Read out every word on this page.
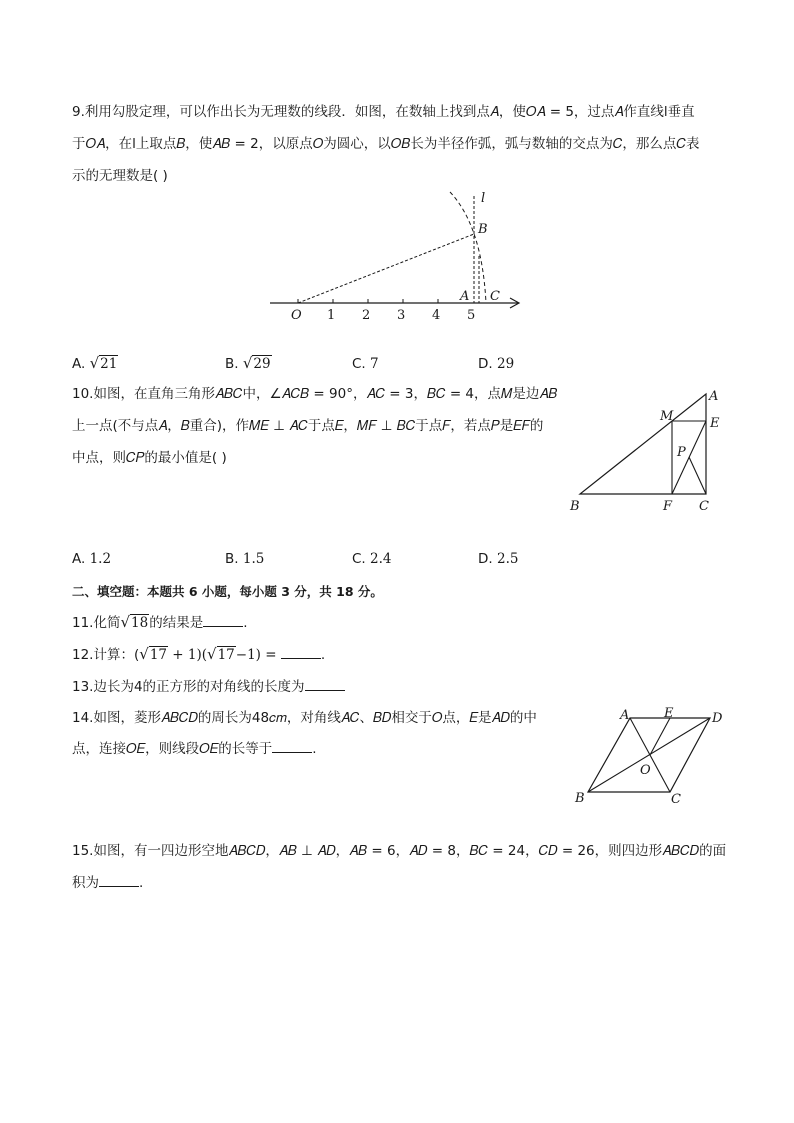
9.利用勾股定理，可以作出长为无理数的线段．如图，在数轴上找到点𝐴，使𝑂𝐴 = 5，过点𝐴作直线l垂直
于𝑂𝐴，在l上取点𝐵，使𝐴𝐵 = 2，以原点𝑂为圆心，以𝑂𝐵长为半径作弧，弧与数轴的交点为𝐶，那么点𝐶表
示的无理数是( )
l
B
A C
O 1 2 3 4 5
A. √21	B. √29	C. 7	D. 29
10.如图，在直角三角形𝐴𝐵𝐶中，∠𝐴𝐶𝐵 = 90°，𝐴𝐶 = 3，𝐵𝐶 = 4，点𝑀是边𝐴𝐵
上一点(不与点𝐴，𝐵重合)，作𝑀𝐸 ⊥ 𝐴𝐶于点𝐸，𝑀𝐹 ⊥ 𝐵𝐶于点𝐹，若点𝑃是𝐸𝐹的
中点，则𝐶𝑃的最小值是( )
A
M	E
P
B	F C
A. 1.2	B. 1.5	C. 2.4	D. 2.5
二、填空题：本题共 6 小题，每小题 3 分，共 18 分。
11.化简√18的结果是	.
12.计算：(√17 + 1)(√17−1) =	.
13.边长为4的正方形的对角线的长度为
14.如图，菱形𝐴𝐵𝐶𝐷的周长为48𝑐𝑚，对角线𝐴𝐶、𝐵𝐷相交于𝑂点，𝐸是𝐴𝐷的中
点，连接𝑂𝐸，则线段𝑂𝐸的长等于	.
A	E	D
O
B	C
15.如图，有一四边形空地𝐴𝐵𝐶𝐷，𝐴𝐵 ⊥ 𝐴𝐷，𝐴𝐵 = 6，𝐴𝐷 = 8，𝐵𝐶 = 24，𝐶𝐷 = 26，则四边形𝐴𝐵𝐶𝐷的面
积为	.
